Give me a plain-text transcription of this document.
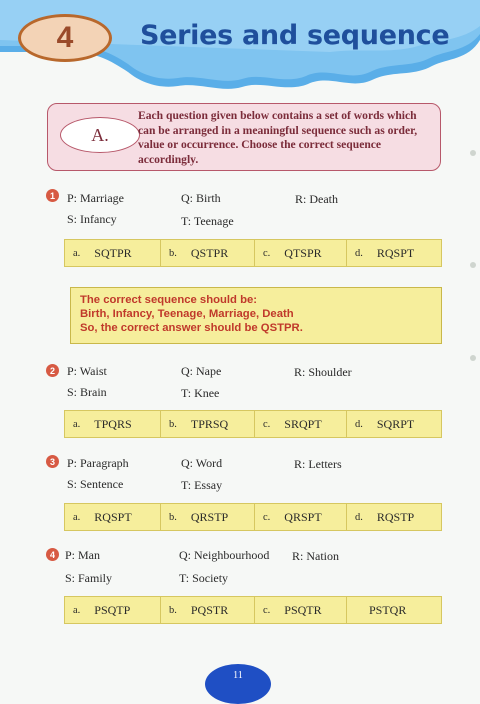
4 Series and sequence
A.
Each question given below contains a set of words which can be arranged in a meaningful sequence such as order, value or occurrence. Choose the correct sequence accordingly.
1 P: Marriage	Q: Birth	R: Death
S: Infancy	T: Teenage
a. SQTPR	b. QSTPR	c. QTSPR	d. RQSPT
The correct sequence should be:
Birth, Infancy, Teenage, Marriage, Death
So, the correct answer should be QSTPR.
2 P: Waist	Q: Nape	R: Shoulder
S: Brain	T: Knee
a. TPQRS	b. TPRSQ	c. SRQPT	d. SQRPT
3 P: Paragraph	Q: Word	R: Letters
S: Sentence	T: Essay
a. RQSPT	b. QRSTP	c. QRSPT	d. RQSTP
4 P: Man	Q: Neighbourhood R: Nation
S: Family	T: Society
a. PSQTP	b. PQSTR	c. PSQTR	PSTQR
11
